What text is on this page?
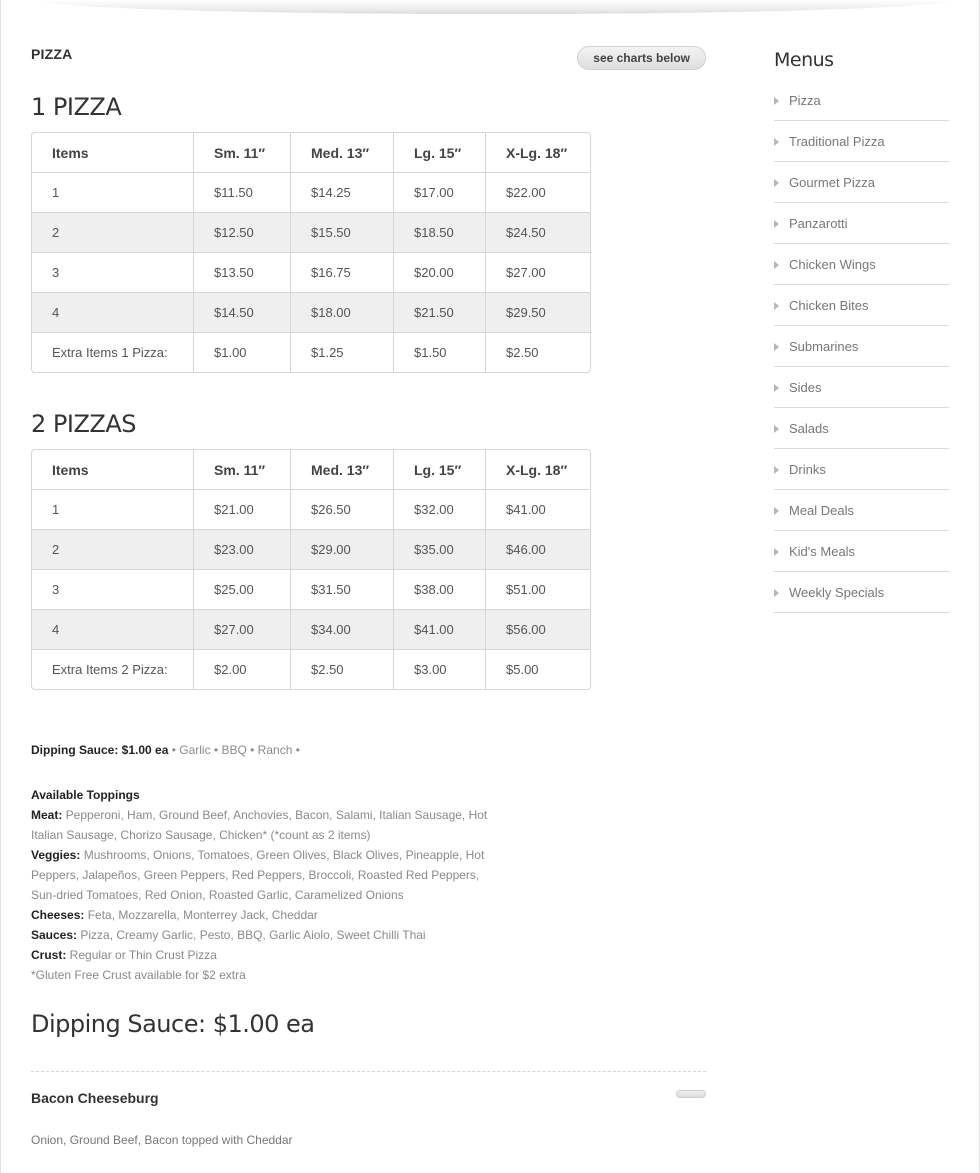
PIZZA	see charts below
1 PIZZA
Items	Sm. 11″	Med. 13″	Lg. 15″	X-Lg. 18″
1	$11.50	$14.25	$17.00	$22.00
2	$12.50	$15.50	$18.50	$24.50
3	$13.50	$16.75	$20.00	$27.00
4	$14.50	$18.00	$21.50	$29.50
Extra Items 1 Pizza:	$1.00	$1.25	$1.50	$2.50
2 PIZZAS
Items	Sm. 11″	Med. 13″	Lg. 15″	X-Lg. 18″
1	$21.00	$26.50	$32.00	$41.00
2	$23.00	$29.00	$35.00	$46.00
3	$25.00	$31.50	$38.00	$51.00
4	$27.00	$34.00	$41.00	$56.00
Extra Items 2 Pizza:	$2.00	$2.50	$3.00	$5.00
Dipping Sauce: $1.00 ea • Garlic • BBQ • Ranch •
Available Toppings
Meat: Pepperoni, Ham, Ground Beef, Anchovies, Bacon, Salami, Italian Sausage, Hot Italian Sausage, Chorizo Sausage, Chicken* (*count as 2 items)
Veggies: Mushrooms, Onions, Tomatoes, Green Olives, Black Olives, Pineapple, Hot Peppers, Jalapeños, Green Peppers, Red Peppers, Broccoli, Roasted Red Peppers, Sun-dried Tomatoes, Red Onion, Roasted Garlic, Caramelized Onions
Cheeses: Feta, Mozzarella, Monterrey Jack, Cheddar
Sauces: Pizza, Creamy Garlic, Pesto, BBQ, Garlic Aiolo, Sweet Chilli Thai
Crust: Regular or Thin Crust Pizza
*Gluten Free Crust available for $2 extra
Dipping Sauce: $1.00 ea
Bacon Cheeseburg
Onion, Ground Beef, Bacon topped with Cheddar
Menus
Pizza
Traditional Pizza
Gourmet Pizza
Panzarotti
Chicken Wings
Chicken Bites
Submarines
Sides
Salads
Drinks
Meal Deals
Kid's Meals
Weekly Specials
